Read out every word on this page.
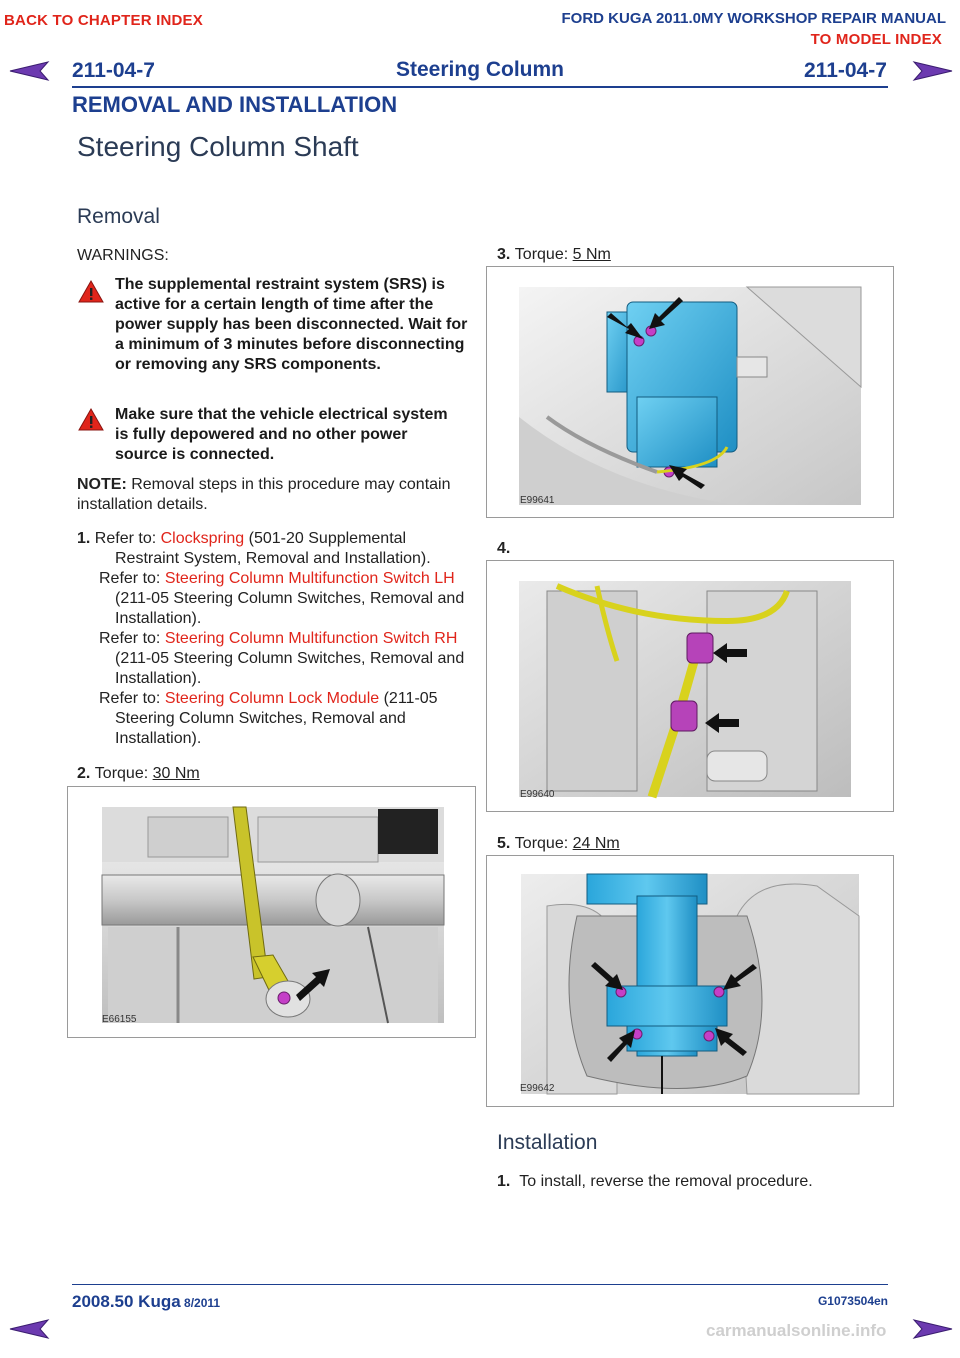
BACK TO CHAPTER INDEX	FORD KUGA 2011.0MY WORKSHOP REPAIR MANUAL
TO MODEL INDEX
211-04-7	Steering Column	211-04-7
REMOVAL AND INSTALLATION
Steering Column Shaft
Removal
WARNINGS:
The supplemental restraint system (SRS) is active for a certain length of time after the power supply has been disconnected. Wait for a minimum of 3 minutes before disconnecting or removing any SRS components.
Make sure that the vehicle electrical system is fully depowered and no other power source is connected.
NOTE: Removal steps in this procedure may contain installation details.
1. Refer to: Clockspring (501-20 Supplemental Restraint System, Removal and Installation).
Refer to: Steering Column Multifunction Switch LH (211-05 Steering Column Switches, Removal and Installation).
Refer to: Steering Column Multifunction Switch RH (211-05 Steering Column Switches, Removal and Installation).
Refer to: Steering Column Lock Module (211-05 Steering Column Switches, Removal and Installation).
2. Torque: 30 Nm
E66155
3. Torque: 5 Nm
E99641
4.
E99640
5. Torque: 24 Nm
E99642
Installation
1. To install, reverse the removal procedure.
2008.50 Kuga 8/2011	G1073504en
carmanualsonline.info
